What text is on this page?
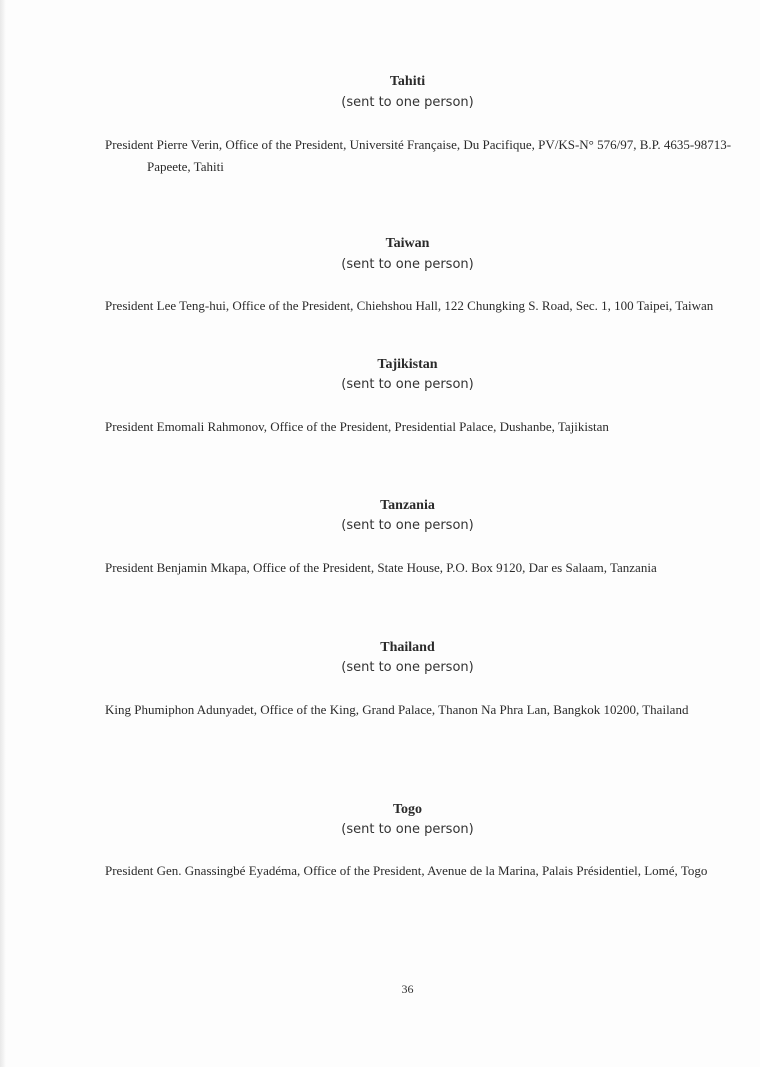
Tahiti
(sent to one person)
President Pierre Verin, Office of the President, Université Française, Du Pacifique, PV/KS-N° 576/97, B.P. 4635-98713-Papeete, Tahiti
Taiwan
(sent to one person)
President Lee Teng-hui, Office of the President, Chiehshou Hall, 122 Chungking S. Road, Sec. 1, 100 Taipei, Taiwan
Tajikistan
(sent to one person)
President Emomali Rahmonov, Office of the President, Presidential Palace, Dushanbe, Tajikistan
Tanzania
(sent to one person)
President Benjamin Mkapa, Office of the President, State House, P.O. Box 9120, Dar es Salaam, Tanzania
Thailand
(sent to one person)
King Phumiphon Adunyadet, Office of the King, Grand Palace, Thanon Na Phra Lan, Bangkok 10200, Thailand
Togo
(sent to one person)
President Gen. Gnassingbé Eyadéma, Office of the President, Avenue de la Marina, Palais Présidentiel, Lomé, Togo
36
